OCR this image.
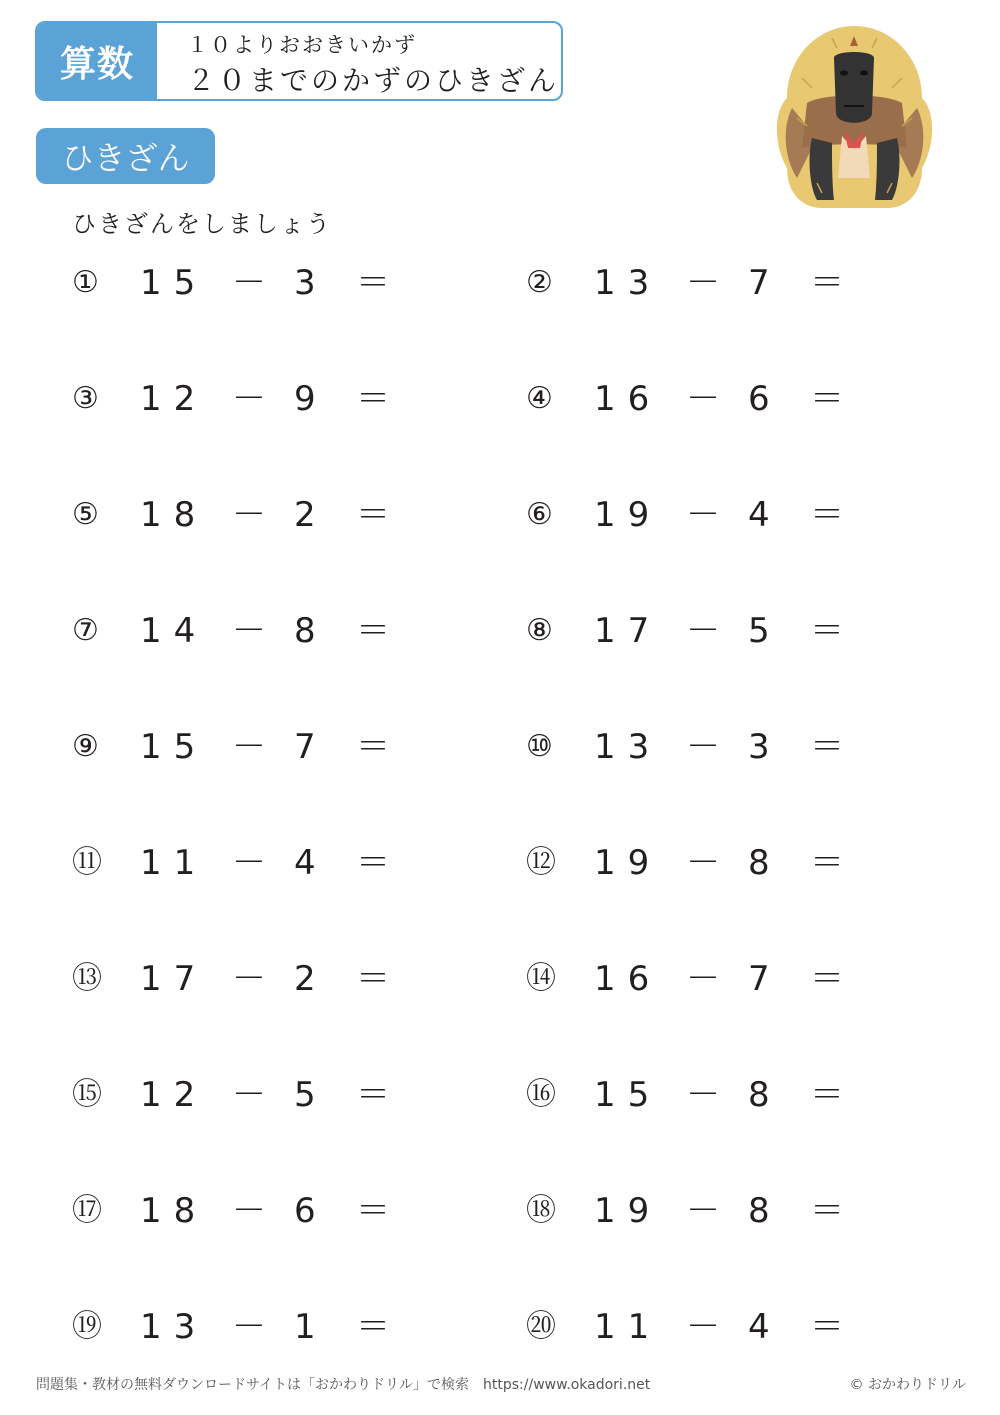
算数	１０よりおおきいかず
２０までのかずのひきざん
ひきざん
ひきざんをしましょう
① 15 － 3 ＝	② 13 － 7 ＝
③ 12 － 9 ＝	④ 16 － 6 ＝
⑤ 18 － 2 ＝	⑥ 19 － 4 ＝
⑦ 14 － 8 ＝	⑧ 17 － 5 ＝
⑨ 15 － 7 ＝	⑩ 13 － 3 ＝
⑪ 11 － 4 ＝	⑫ 19 － 8 ＝
⑬ 17 － 2 ＝	⑭ 16 － 7 ＝
⑮ 12 － 5 ＝	⑯ 15 － 8 ＝
⑰ 18 － 6 ＝	⑱ 19 － 8 ＝
⑲ 13 － 1 ＝	⑳ 11 － 4 ＝
問題集・教材の無料ダウンロードサイトは「おかわりドリル」で検索　https://www.okadori.net	© おかわりドリル
